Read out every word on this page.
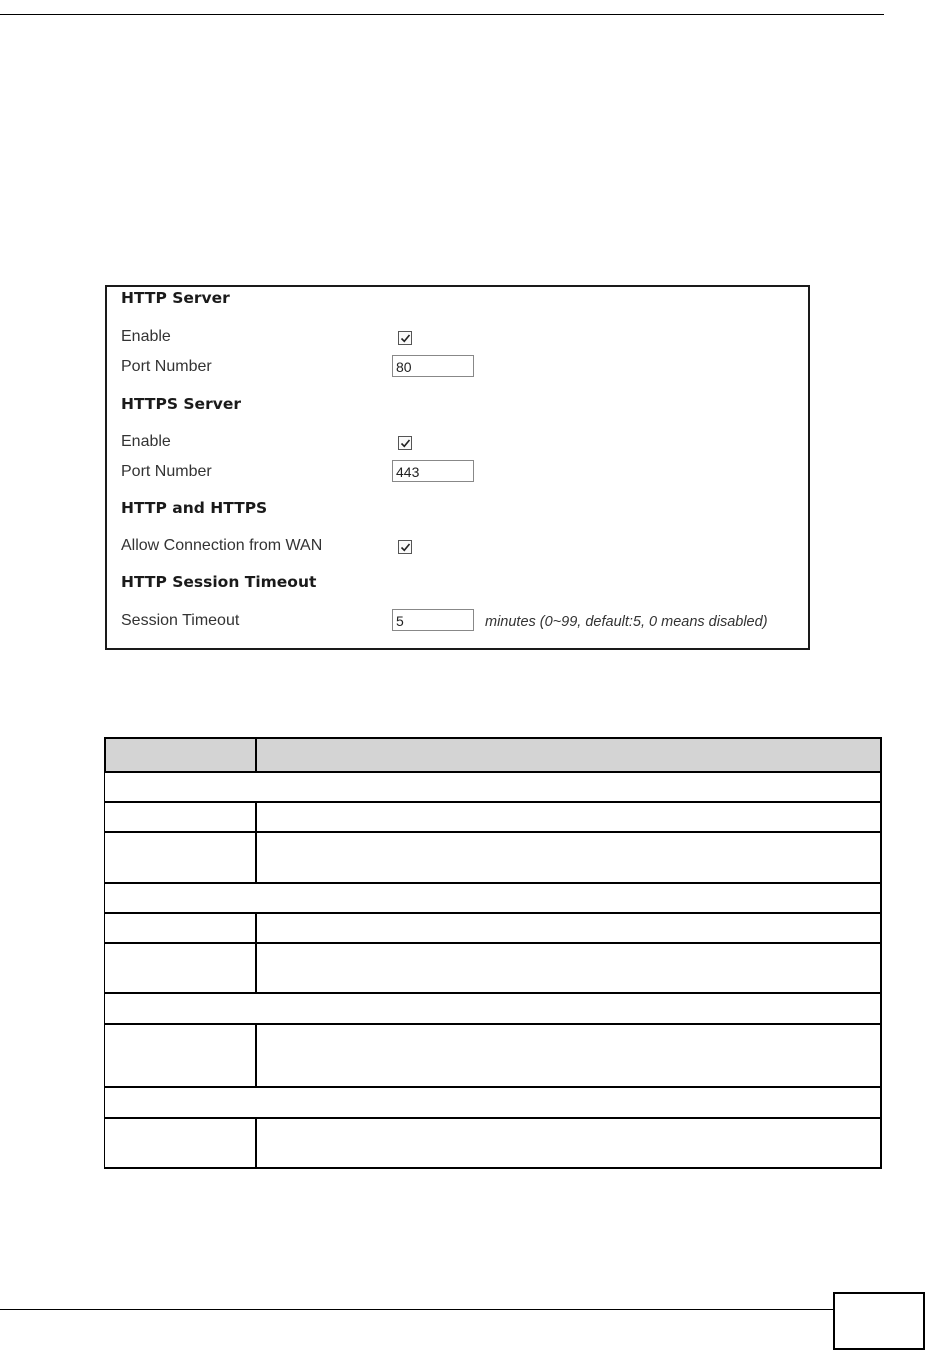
HTTP Server
Enable
Port Number
80
HTTPS Server
Enable
Port Number
443
HTTP and HTTPS
Allow Connection from WAN
HTTP Session Timeout
Session Timeout
5	minutes (0~99, default:5, 0 means disabled)
